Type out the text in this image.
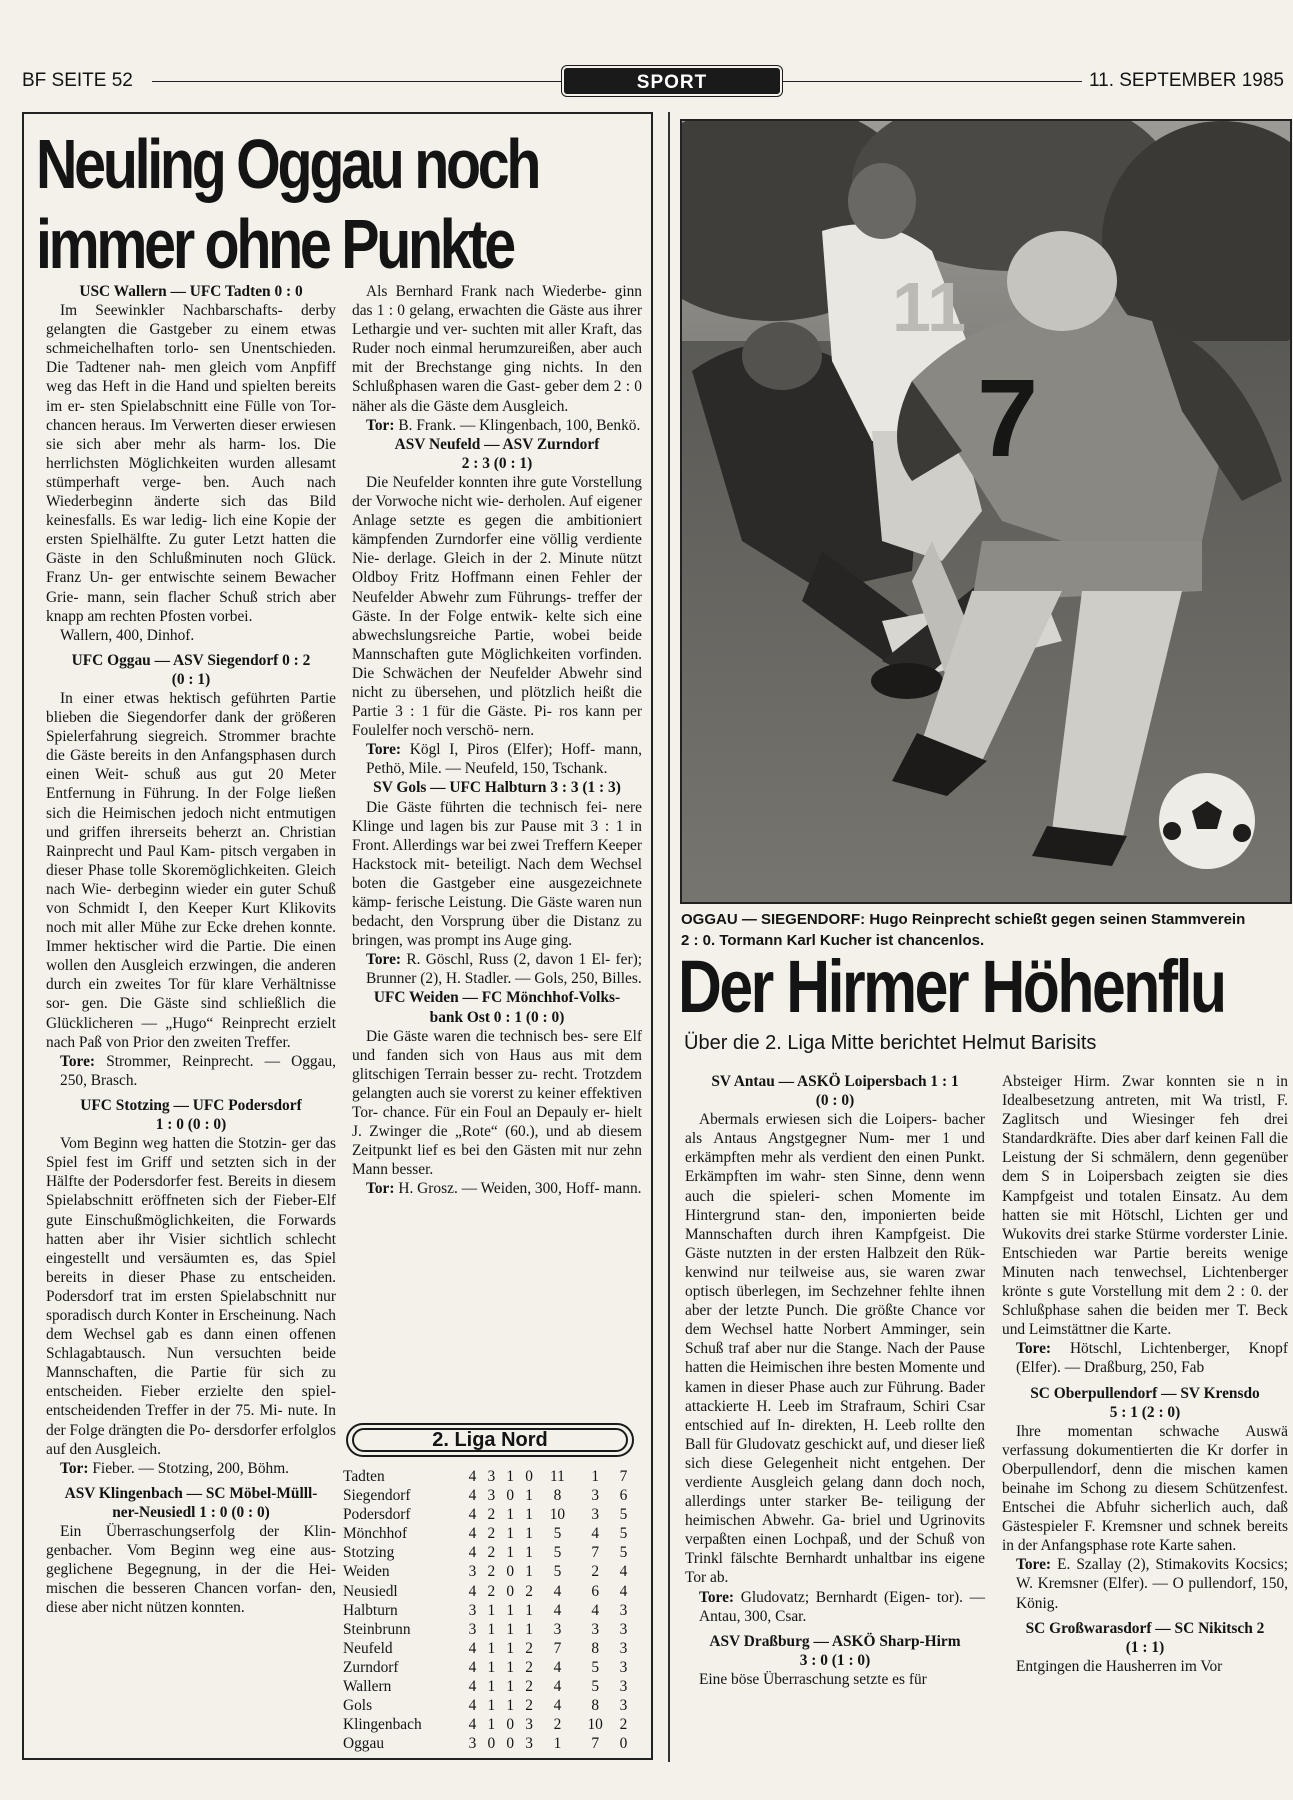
BF SEITE 52	SPORT	11. SEPTEMBER 1985
Neuling Oggau noch
immer ohne Punkte
USC Wallern — UFC Tadten 0 : 0

Im Seewinkler Nachbarschafts- derby gelangten die Gastgeber zu einem etwas schmeichelhaften torlo- sen Unentschieden. Die Tadtener nah- men gleich vom Anpfiff weg das Heft in die Hand und spielten bereits im er- sten Spielabschnitt eine Fülle von Tor- chancen heraus. Im Verwerten dieser erwiesen sie sich aber mehr als harm- los. Die herrlichsten Möglichkeiten wurden allesamt stümperhaft verge- ben. Auch nach Wiederbeginn änderte sich das Bild keinesfalls. Es war ledig- lich eine Kopie der ersten Spielhälfte. Zu guter Letzt hatten die Gäste in den Schlußminuten noch Glück. Franz Un- ger entwischte seinem Bewacher Grie- mann, sein flacher Schuß strich aber knapp am rechten Pfosten vorbei.

Wallern, 400, Dinhof.

UFC Oggau — ASV Siegendorf 0 : 2
(0 : 1)

In einer etwas hektisch geführten Partie blieben die Siegendorfer dank der größeren Spielerfahrung siegreich. Strommer brachte die Gäste bereits in den Anfangsphasen durch einen Weit- schuß aus gut 20 Meter Entfernung in Führung. In der Folge ließen sich die Heimischen jedoch nicht entmutigen und griffen ihrerseits beherzt an. Christian Rainprecht und Paul Kam- pitsch vergaben in dieser Phase tolle Skoremöglichkeiten. Gleich nach Wie- derbeginn wieder ein guter Schuß von Schmidt I, den Keeper Kurt Klikovits noch mit aller Mühe zur Ecke drehen konnte. Immer hektischer wird die Partie. Die einen wollen den Ausgleich erzwingen, die anderen durch ein zweites Tor für klare Verhältnisse sor- gen. Die Gäste sind schließlich die Glücklicheren — „Hugo“ Reinprecht erzielt nach Paß von Prior den zweiten Treffer.

Tore: Strommer, Reinprecht. — Oggau, 250, Brasch.

UFC Stotzing — UFC Podersdorf
1 : 0 (0 : 0)

Vom Beginn weg hatten die Stotzin- ger das Spiel fest im Griff und setzten sich in der Hälfte der Podersdorfer fest. Bereits in diesem Spielabschnitt eröffneten sich der Fieber-Elf gute Einschußmöglichkeiten, die Forwards hatten aber ihr Visier sichtlich schlecht eingestellt und versäumten es, das Spiel bereits in dieser Phase zu entscheiden. Podersdorf trat im ersten Spielabschnitt nur sporadisch durch Konter in Erscheinung. Nach dem Wechsel gab es dann einen offenen Schlagabtausch. Nun versuchten beide Mannschaften, die Partie für sich zu entscheiden. Fieber erzielte den spiel- entscheidenden Treffer in der 75. Mi- nute. In der Folge drängten die Po- dersdorfer erfolglos auf den Ausgleich.

Tor: Fieber. — Stotzing, 200, Böhm.

ASV Klingenbach — SC Möbel-Mülll-
ner-Neusiedl 1 : 0 (0 : 0)

Ein Überraschungserfolg der Klin- genbacher. Vom Beginn weg eine aus- geglichene Begegnung, in der die Hei- mischen die besseren Chancen vorfan- den, diese aber nicht nützen konnten.

Als Bernhard Frank nach Wiederbe- ginn das 1 : 0 gelang, erwachten die Gäste aus ihrer Lethargie und ver- suchten mit aller Kraft, das Ruder noch einmal herumzureißen, aber auch mit der Brechstange ging nichts. In den Schlußphasen waren die Gast- geber dem 2 : 0 näher als die Gäste dem Ausgleich.

Tor: B. Frank. — Klingenbach, 100, Benkö.

ASV Neufeld — ASV Zurndorf
2 : 3 (0 : 1)

Die Neufelder konnten ihre gute Vorstellung der Vorwoche nicht wie- derholen. Auf eigener Anlage setzte es gegen die ambitioniert kämpfenden Zurndorfer eine völlig verdiente Nie- derlage. Gleich in der 2. Minute nützt Oldboy Fritz Hoffmann einen Fehler der Neufelder Abwehr zum Führungs- treffer der Gäste. In der Folge entwik- kelte sich eine abwechslungsreiche Partie, wobei beide Mannschaften gute Möglichkeiten vorfinden. Die Schwächen der Neufelder Abwehr sind nicht zu übersehen, und plötzlich heißt die Partie 3 : 1 für die Gäste. Pi- ros kann per Foulelfer noch verschö- nern.

Tore: Kögl I, Piros (Elfer); Hoff- mann, Pethö, Mile. — Neufeld, 150, Tschank.

SV Gols — UFC Halbturn 3 : 3 (1 : 3)

Die Gäste führten die technisch fei- nere Klinge und lagen bis zur Pause mit 3 : 1 in Front. Allerdings war bei zwei Treffern Keeper Hackstock mit- beteiligt. Nach dem Wechsel boten die Gastgeber eine ausgezeichnete kämp- ferische Leistung. Die Gäste waren nun bedacht, den Vorsprung über die Distanz zu bringen, was prompt ins Auge ging.

Tore: R. Göschl, Russ (2, davon 1 El- fer); Brunner (2), H. Stadler. — Gols, 250, Billes.

UFC Weiden — FC Mönchhof-Volks-
bank Ost 0 : 1 (0 : 0)

Die Gäste waren die technisch bes- sere Elf und fanden sich von Haus aus mit dem glitschigen Terrain besser zu- recht. Trotzdem gelangten auch sie vorerst zu keiner effektiven Tor- chance. Für ein Foul an Depauly er- hielt J. Zwinger die „Rote“ (60.), und ab diesem Zeitpunkt lief es bei den Gästen mit nur zehn Mann besser.

Tor: H. Grosz. — Weiden, 300, Hoff- mann.

2. Liga Nord
Tadten	4	3	1	0	11	1	7
Siegendorf	4	3	0	1	8	3	6
Podersdorf	4	2	1	1	10	3	5
Mönchhof	4	2	1	1	5	4	5
Stotzing	4	2	1	1	5	7	5
Weiden	3	2	0	1	5	2	4
Neusiedl	4	2	0	2	4	6	4
Halbturn	3	1	1	1	4	4	3
Steinbrunn	3	1	1	1	3	3	3
Neufeld	4	1	1	2	7	8	3
Zurndorf	4	1	1	2	4	5	3
Wallern	4	1	1	2	4	5	3
Gols	4	1	1	2	4	8	3
Klingenbach	4	1	0	3	2	10	2
Oggau	3	0	0	3	1	7	0
11
7
OGGAU — SIEGENDORF: Hugo Reinprecht schießt gegen seinen Stammverein
2 : 0. Tormann Karl Kucher ist chancenlos.
Der Hirmer Höhenflu
Über die 2. Liga Mitte berichtet Helmut Barisits
SV Antau — ASKÖ Loipersbach 1 : 1
(0 : 0)

Abermals erwiesen sich die Loipers- bacher als Antaus Angstgegner Num- mer 1 und erkämpften mehr als verdient den einen Punkt. Erkämpften im wahr- sten Sinne, denn wenn auch die spieleri- schen Momente im Hintergrund stan- den, imponierten beide Mannschaften durch ihren Kampfgeist. Die Gäste nutzten in der ersten Halbzeit den Rük- kenwind nur teilweise aus, sie waren zwar optisch überlegen, im Sechzehner fehlte ihnen aber der letzte Punch. Die größte Chance vor dem Wechsel hatte Norbert Amminger, sein Schuß traf aber nur die Stange. Nach der Pause hatten die Heimischen ihre besten Momente und kamen in dieser Phase auch zur Führung. Bader attackierte H. Leeb im Strafraum, Schiri Csar entschied auf In- direkten, H. Leeb rollte den Ball für Gludovatz geschickt auf, und dieser ließ sich diese Gelegenheit nicht entgehen. Der verdiente Ausgleich gelang dann doch noch, allerdings unter starker Be- teiligung der heimischen Abwehr. Ga- briel und Ugrinovits verpaßten einen Lochpaß, und der Schuß von Trinkl fälschte Bernhardt unhaltbar ins eigene Tor ab.

Tore: Gludovatz; Bernhardt (Eigen- tor). — Antau, 300, Csar.

ASV Draßburg — ASKÖ Sharp-Hirm
3 : 0 (1 : 0)

Eine böse Überraschung setzte es für

Absteiger Hirm. Zwar konnten sie n in Idealbesetzung antreten, mit Wa tristl, F. Zaglitsch und Wiesinger feh drei Standardkräfte. Dies aber darf keinen Fall die Leistung der Si schmälern, denn gegenüber dem S in Loipersbach zeigten sie dies Kampfgeist und totalen Einsatz. Au dem hatten sie mit Hötschl, Lichten ger und Wukovits drei starke Stürme vorderster Linie. Entschieden war Partie bereits wenige Minuten nach tenwechsel, Lichtenberger krönte s gute Vorstellung mit dem 2 : 0. der Schlußphase sahen die beiden mer T. Beck und Leimstättner die Karte.

Tore: Hötschl, Lichtenberger, Knopf (Elfer). — Draßburg, 250, Fab

SC Oberpullendorf — SV Krensdo
5 : 1 (2 : 0)

Ihre momentan schwache Auswä verfassung dokumentierten die Kr dorfer in Oberpullendorf, denn die mischen kamen beinahe im Schong zu diesem Schützenfest. Entschei die Abfuhr sicherlich auch, daß Gästespieler F. Kremsner und schnek bereits in der Anfangsphase rote Karte sahen.

Tore: E. Szallay (2), Stimakovits Kocsics; W. Kremsner (Elfer). — O pullendorf, 150, König.

SC Großwarasdorf — SC Nikitsch 2
(1 : 1)

Entgingen die Hausherren im Vor
